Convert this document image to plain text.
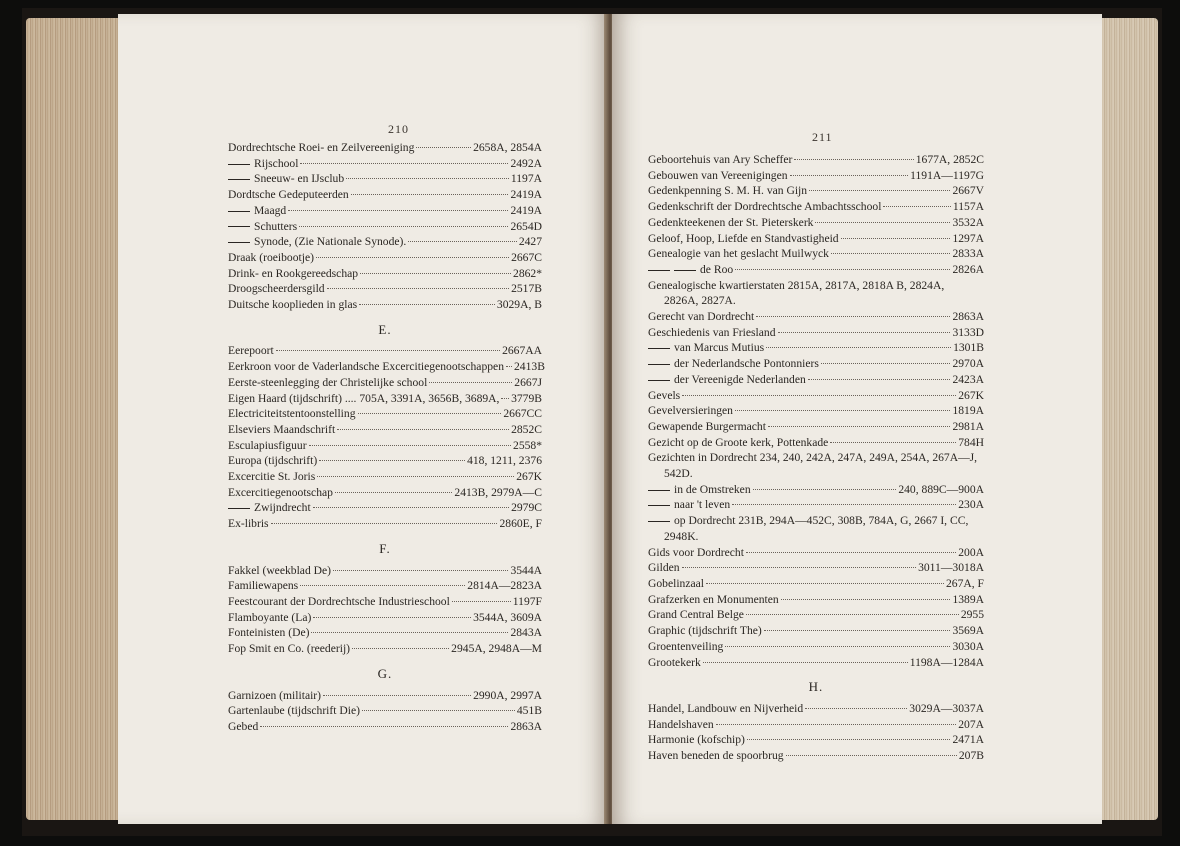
210
Dordrechtsche Roei- en Zeilvereeniging	2658A, 2854A
Rijschool	2492A
Sneeuw- en IJsclub	1197A
Dordtsche Gedeputeerden	2419A
Maagd	2419A
Schutters	2654D
Synode, (Zie Nationale Synode).	2427
Draak (roeibootje)	2667C
Drink- en Rookgereedschap	2862*
Droogscheerdersgild	2517B
Duitsche kooplieden in glas	3029A, B
E.
Eerepoort	2667AA
Eerkroon voor de Vaderlandsche Excercitiegenootschappen 2413B
Eerste-steenlegging der Christelijke school	2667J
Eigen Haard (tijdschrift) .... 705A, 3391A, 3656B, 3689A, 3779B
Electriciteitstentoonstelling	2667CC
Elseviers Maandschrift	2852C
Esculapiusfiguur	2558*
Europa (tijdschrift)	418, 1211, 2376
Excercitie St. Joris	267K
Excercitiegenootschap	2413B, 2979A—C
Zwijndrecht	2979C
Ex-libris	2860E, F
F.
Fakkel (weekblad De)	3544A
Familiewapens	2814A—2823A
Feestcourant der Dordrechtsche Industrieschool	1197F
Flamboyante (La)	3544A, 3609A
Fonteinisten (De)	2843A
Fop Smit en Co. (reederij)	2945A, 2948A—M
G.
Garnizoen (militair)	2990A, 2997A
Gartenlaube (tijdschrift Die)	451B
Gebed	2863A
211
Geboortehuis van Ary Scheffer	1677A, 2852C
Gebouwen van Vereenigingen	1191A—1197G
Gedenkpenning S. M. H. van Gijn	2667V
Gedenkschrift der Dordrechtsche Ambachtsschool	1157A
Gedenkteekenen der St. Pieterskerk	3532A
Geloof, Hoop, Liefde en Standvastigheid	1297A
Genealogie van het geslacht Muilwyck	2833A
de Roo	2826A
Genealogische kwartierstaten 2815A, 2817A, 2818A B, 2824A,
2826A, 2827A.
Gerecht van Dordrecht	2863A
Geschiedenis van Friesland	3133D
van Marcus Mutius	1301B
der Nederlandsche Pontonniers	2970A
der Vereenigde Nederlanden	2423A
Gevels	267K
Gevelversieringen	1819A
Gewapende Burgermacht	2981A
Gezicht op de Groote kerk, Pottenkade	784H
Gezichten in Dordrecht 234, 240, 242A, 247A, 249A, 254A, 267A—J,
542D.
in de Omstreken	240, 889C—900A
naar 't leven	230A
op Dordrecht 231B, 294A—452C, 308B, 784A, G, 2667 I, CC,
2948K.
Gids voor Dordrecht	200A
Gilden	3011—3018A
Gobelinzaal	267A, F
Grafzerken en Monumenten	1389A
Grand Central Belge	2955
Graphic (tijdschrift The)	3569A
Groentenveiling	3030A
Grootekerk	1198A—1284A
H.
Handel, Landbouw en Nijverheid	3029A—3037A
Handelshaven	207A
Harmonie (kofschip)	2471A
Haven beneden de spoorbrug	207B
